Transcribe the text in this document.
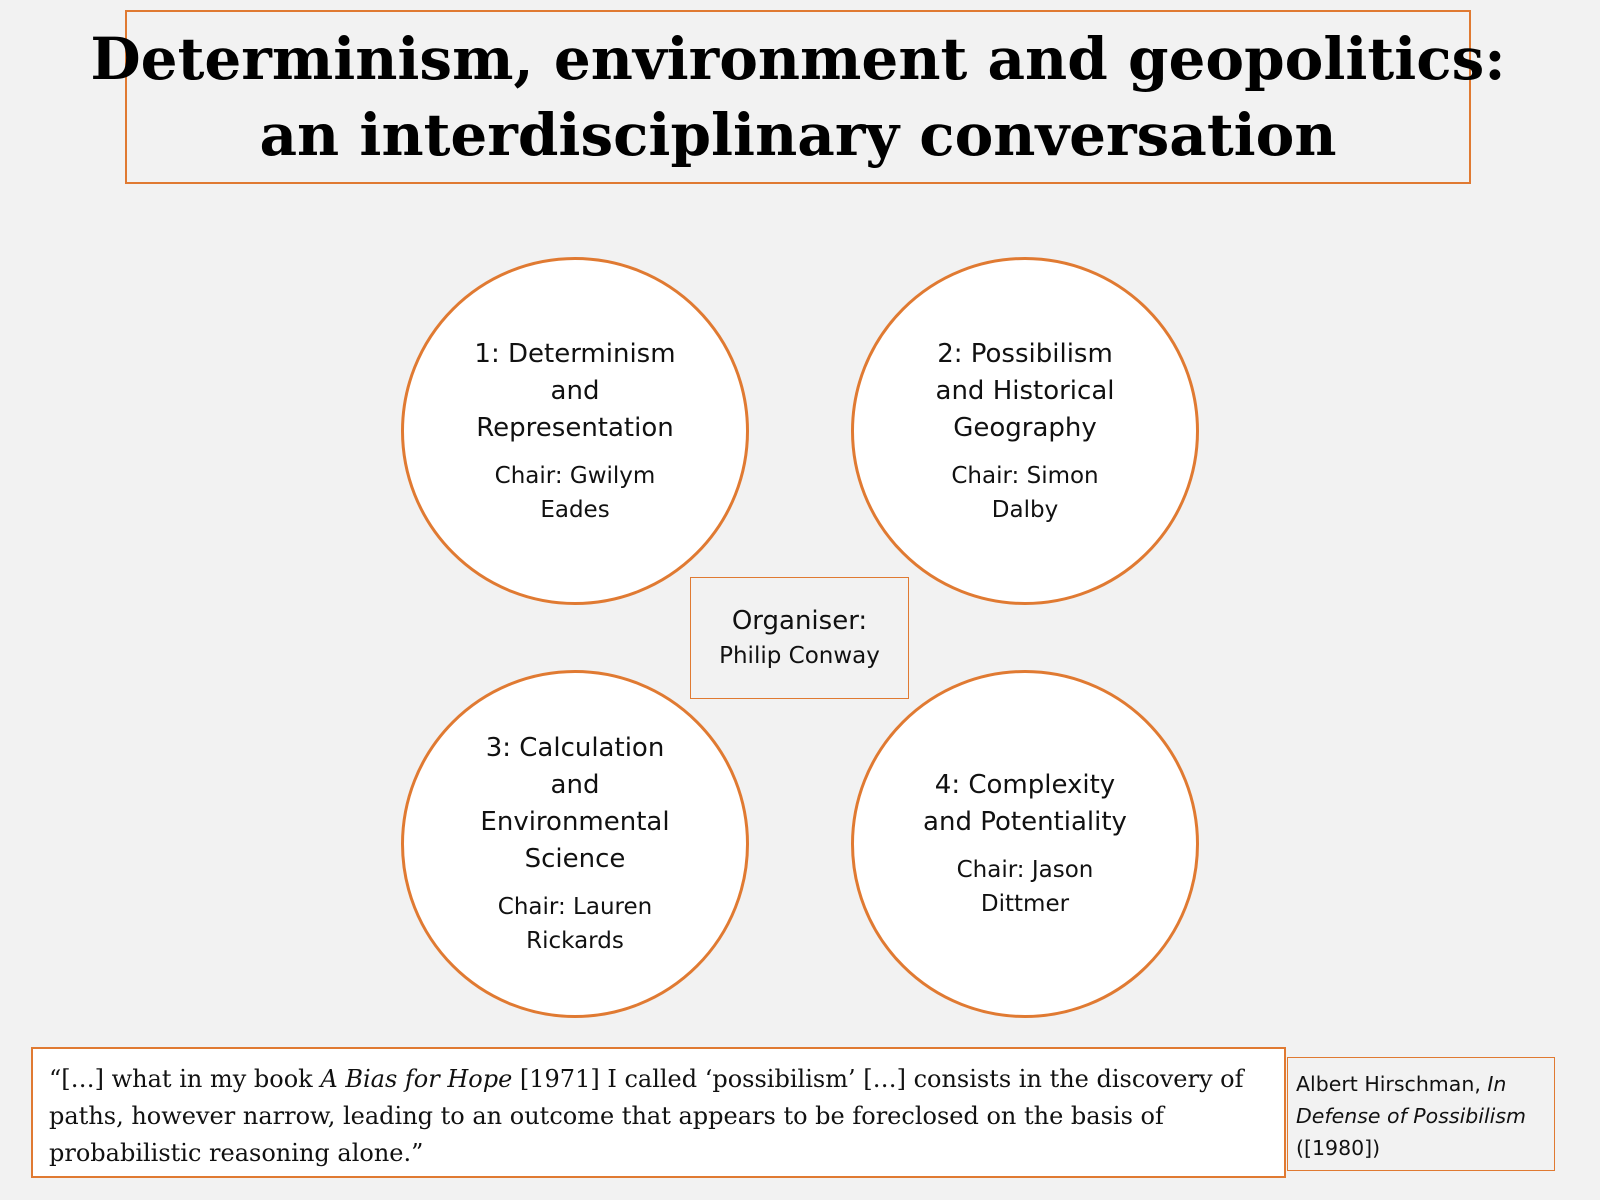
Determinism, environment and geopolitics:
an interdisciplinary conversation
1: Determinism and Representation
Chair: Gwilym Eades
2: Possibilism and Historical Geography
Chair: Simon Dalby
3: Calculation and Environmental Science
Chair: Lauren Rickards
4: Complexity and Potentiality
Chair: Jason Dittmer
Organiser:
Philip Conway
“[…] what in my book A Bias for Hope [1971] I called ‘possibilism’ […] consists in the discovery of paths, however narrow, leading to an outcome that appears to be foreclosed on the basis of probabilistic reasoning alone.”
Albert Hirschman, In Defense of Possibilism
([1980])
